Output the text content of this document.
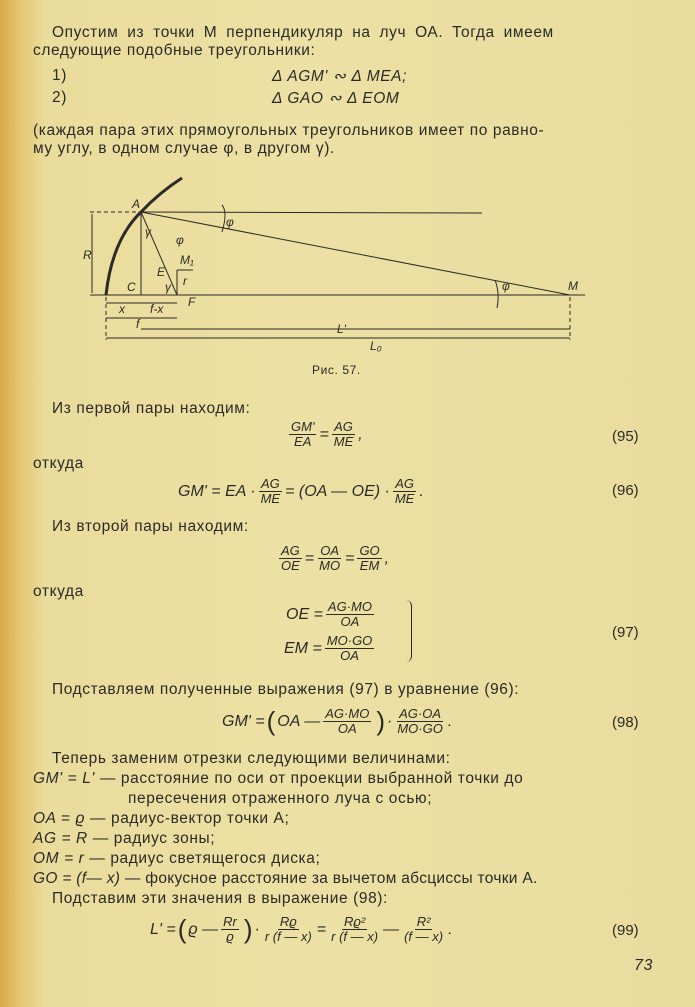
Опустим из точки М перпендикуляр на луч ОА. Тогда имеем
следующие подобные треугольники:
1)	Δ AGM' ∾ Δ MEA;
2)	Δ GAO ∾ Δ EOM
(каждая пара этих прямоугольных треугольников имеет по равно-
му углу, в одном случае φ, в другом γ).
A
R
C
E
F
M
M₁
φ
φ
φ
γ
γ r
x f-x
f	L'
L₀
Рис. 57.
Из первой пары находим:
$\frac{GM'}{EA} = \frac{AG}{ME}$ ,	(95)
откуда
GM' = EA · $\frac{AG}{ME} = (OA$ — $OE) \cdot \frac{AG}{ME}$ .	(96)
Из второй пары находим:
$\frac{AG}{OE} = \frac{OA}{MO} = \frac{GO}{EM}$ ,
откуда
OE = $\frac{AG\cdot MO}{OA}$
EM = $\frac{MO\cdot GO}{OA}$
(97)
Подставляем полученные выражения (97) в уравнение (96):
GM' = ( OA — $\frac{AG\cdot MO}{OA}$ ) · $\frac{AG\cdot OA}{MO\cdot GO}$ .	(98)
Теперь заменим отрезки следующими величинами:
GM' = L' — расстояние по оси от проекции выбранной точки до
пересечения отраженного луча с осью;
OA = ϱ — радиус-вектор точки A;
AG = R — радиус зоны;
OM = r — радиус светящегося диска;
GO = (f— x) — фокусное расстояние за вычетом абсциссы точки A.
Подставим эти значения в выражение (98):
L' = ( ϱ — $\frac{Rr}{ϱ}$ ) · $\frac{Rϱ}{r (f — x)} = \frac{\text{Rϱ²}}{r (f — x)}$ — $\frac{\text{R²}}{(f — x)}$ .	(99)
73
